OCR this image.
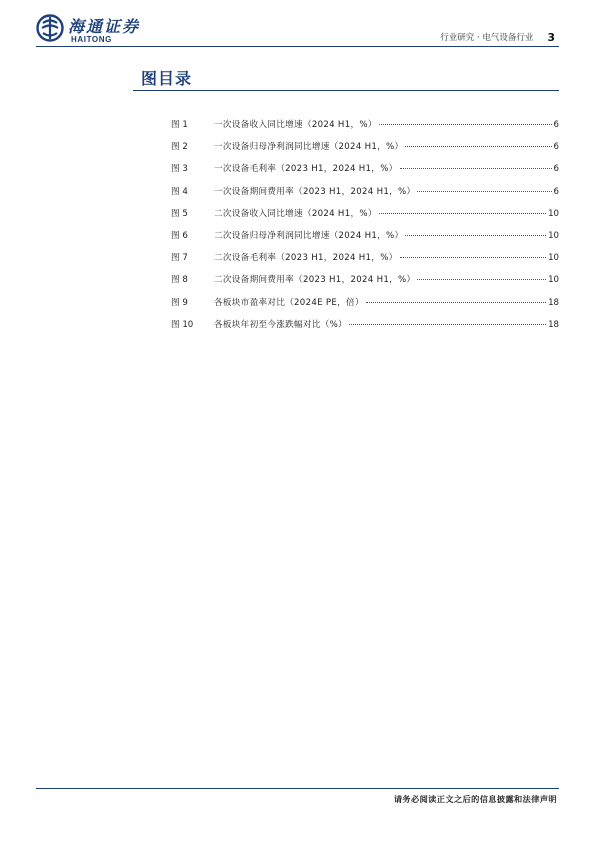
海通证券
HAITONG	行业研究 · 电气设备行业 3
图目录
图 1	一次设备收入同比增速（2024 H1，%）	6
图 2	一次设备归母净利润同比增速（2024 H1，%）	6
图 3	一次设备毛利率（2023 H1，2024 H1，%）	6
图 4	一次设备期间费用率（2023 H1，2024 H1，%）	6
图 5	二次设备收入同比增速（2024 H1，%）	10
图 6	二次设备归母净利润同比增速（2024 H1，%）	10
图 7	二次设备毛利率（2023 H1，2024 H1，%）	10
图 8	二次设备期间费用率（2023 H1，2024 H1，%）	10
图 9	各板块市盈率对比（2024E PE，倍）	18
图 10	各板块年初至今涨跌幅对比（%）	18
请务必阅读正文之后的信息披露和法律声明
